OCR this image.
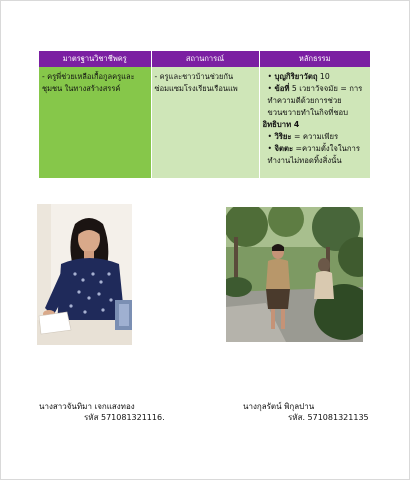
มาตรฐานวิชาชีพครู	สถานการณ์	หลักธรรม
- ครูพี่ช่วยเหลือเกื้อกูลครูและชุมชน ในทางสร้างสรรค์	- ครูและชาวบ้านช่วยกันซ่อมแซมโรงเรียนเรือนแพ	• บุญกิริยาวัตถุ 10
• ข้อที่ 5 เวยาวัจจมัย = การทำความดีด้วยการช่วยขวนขวายทำในกิจที่ชอบ
อิทธิบาท 4
• วิริยะ = ความเพียร
• จิตตะ =ความตั้งใจในการทำงานไม่ทอดทิ้งสิ่งนั้น
นางสาวจันทิมา เจกแสงทอง
รหัส 571081321116.
นางกุลรัตน์ พิกุลปาน
รหัส. 571081321135
